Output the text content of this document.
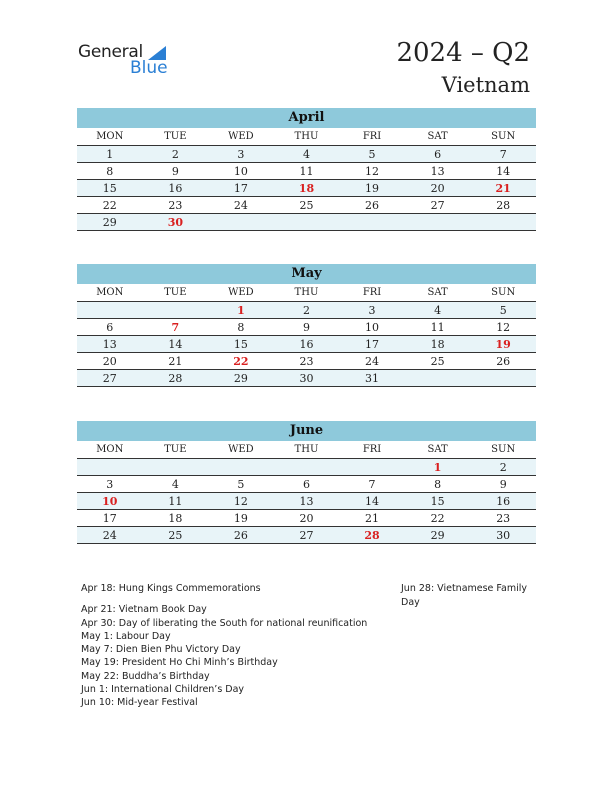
General
Blue	2024 – Q2
Vietnam
April
MON	TUE	WED	THU	FRI	SAT	SUN
1	2	3	4	5	6	7
8	9	10	11	12	13	14
15	16	17	18	19	20	21
22	23	24	25	26	27	28
29	30					
May
MON	TUE	WED	THU	FRI	SAT	SUN
		1	2	3	4	5
6	7	8	9	10	11	12
13	14	15	16	17	18	19
20	21	22	23	24	25	26
27	28	29	30	31		
June
MON	TUE	WED	THU	FRI	SAT	SUN
					1	2
3	4	5	6	7	8	9
10	11	12	13	14	15	16
17	18	19	20	21	22	23
24	25	26	27	28	29	30
Apr 18: Hung Kings Commemorations
Apr 21: Vietnam Book Day
Apr 30: Day of liberating the South for national reunification
May 1: Labour Day
May 7: Dien Bien Phu Victory Day
May 19: President Ho Chi Minh’s Birthday
May 22: Buddha’s Birthday
Jun 1: International Children’s Day
Jun 10: Mid-year Festival
Jun 28: Vietnamese Family Day
